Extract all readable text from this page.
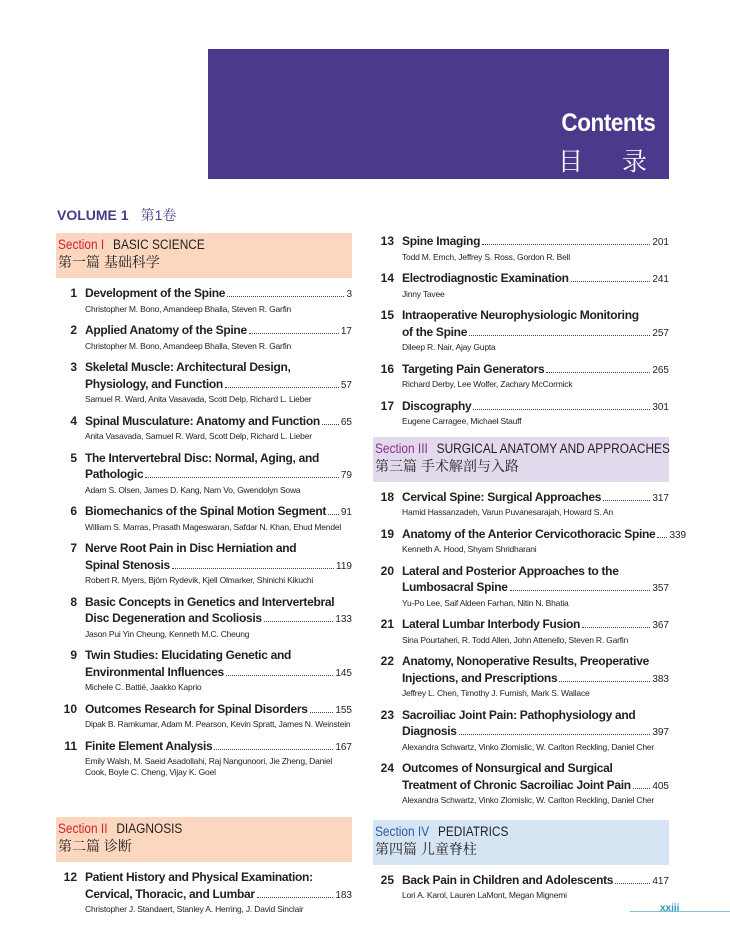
Contents
目 录
VOLUME 1 第1卷
Section I BASIC SCIENCE
第一篇 基础科学
1 Development of the Spine	3
Christopher M. Bono, Amandeep Bhalla, Steven R. Garfin
2 Applied Anatomy of the Spine	17
Christopher M. Bono, Amandeep Bhalla, Steven R. Garfin
3 Skeletal Muscle: Architectural Design,
Physiology, and Function	57
Samuel R. Ward, Anita Vasavada, Scott Delp, Richard L. Lieber
4 Spinal Musculature: Anatomy and Function 65
Anita Vasavada, Samuel R. Ward, Scott Delp, Richard L. Lieber
5 The Intervertebral Disc: Normal, Aging, and
Pathologic	79
Adam S. Olsen, James D. Kang, Nam Vo, Gwendolyn Sowa
6 Biomechanics of the Spinal Motion Segment 91
William S. Marras, Prasath Mageswaran, Safdar N. Khan, Ehud Mendel
7 Nerve Root Pain in Disc Herniation and
Spinal Stenosis	119
Robert R. Myers, Björn Rydevik, Kjell Olmarker, Shinichi Kikuchi
8 Basic Concepts in Genetics and Intervertebral
Disc Degeneration and Scoliosis	133
Jason Pui Yin Cheung, Kenneth M.C. Cheung
9 Twin Studies: Elucidating Genetic and
Environmental Influences	145
Michele C. Battié, Jaakko Kaprio
10 Outcomes Research for Spinal Disorders	155
Dipak B. Ramkumar, Adam M. Pearson, Kevin Spratt, James N. Weinstein
11 Finite Element Analysis	167
Emily Walsh, M. Saeid Asadollahi, Raj Nangunoori, Jie Zheng, Daniel Cook, Boyle C. Cheng, Vijay K. Goel
Section II DIAGNOSIS
第二篇 诊断
12 Patient History and Physical Examination:
Cervical, Thoracic, and Lumbar	183
Christopher J. Standaert, Stanley A. Herring, J. David Sinclair
13 Spine Imaging	201
Todd M. Emch, Jeffrey S. Ross, Gordon R. Bell
14 Electrodiagnostic Examination	241
Jinny Tavee
15 Intraoperative Neurophysiologic Monitoring
of the Spine	257
Dileep R. Nair, Ajay Gupta
16 Targeting Pain Generators	265
Richard Derby, Lee Wolfer, Zachary McCormick
17 Discography	301
Eugene Carragee, Michael Stauff
Section III SURGICAL ANATOMY AND APPROACHES
第三篇 手术解剖与入路
18 Cervical Spine: Surgical Approaches	317
Hamid Hassanzadeh, Varun Puvanesarajah, Howard S. An
19 Anatomy of the Anterior Cervicothoracic Spine 339
Kenneth A. Hood, Shyam Shridharani
20 Lateral and Posterior Approaches to the
Lumbosacral Spine	357
Yu-Po Lee, Saif Aldeen Farhan, Nitin N. Bhatia
21 Lateral Lumbar Interbody Fusion	367
Sina Pourtaheri, R. Todd Allen, John Attenello, Steven R. Garfin
22 Anatomy, Nonoperative Results, Preoperative
Injections, and Prescriptions	383
Jeffrey L. Chen, Timothy J. Furnish, Mark S. Wallace
23 Sacroiliac Joint Pain: Pathophysiology and
Diagnosis	397
Alexandra Schwartz, Vinko Zlomislic, W. Carlton Reckling, Daniel Cher
24 Outcomes of Nonsurgical and Surgical
Treatment of Chronic Sacroiliac Joint Pain 405
Alexandra Schwartz, Vinko Zlomislic, W. Carlton Reckling, Daniel Cher
Section IV PEDIATRICS
第四篇 儿童脊柱
25 Back Pain in Children and Adolescents	417
Lori A. Karol, Lauren LaMont, Megan Mignemi
xxiii
